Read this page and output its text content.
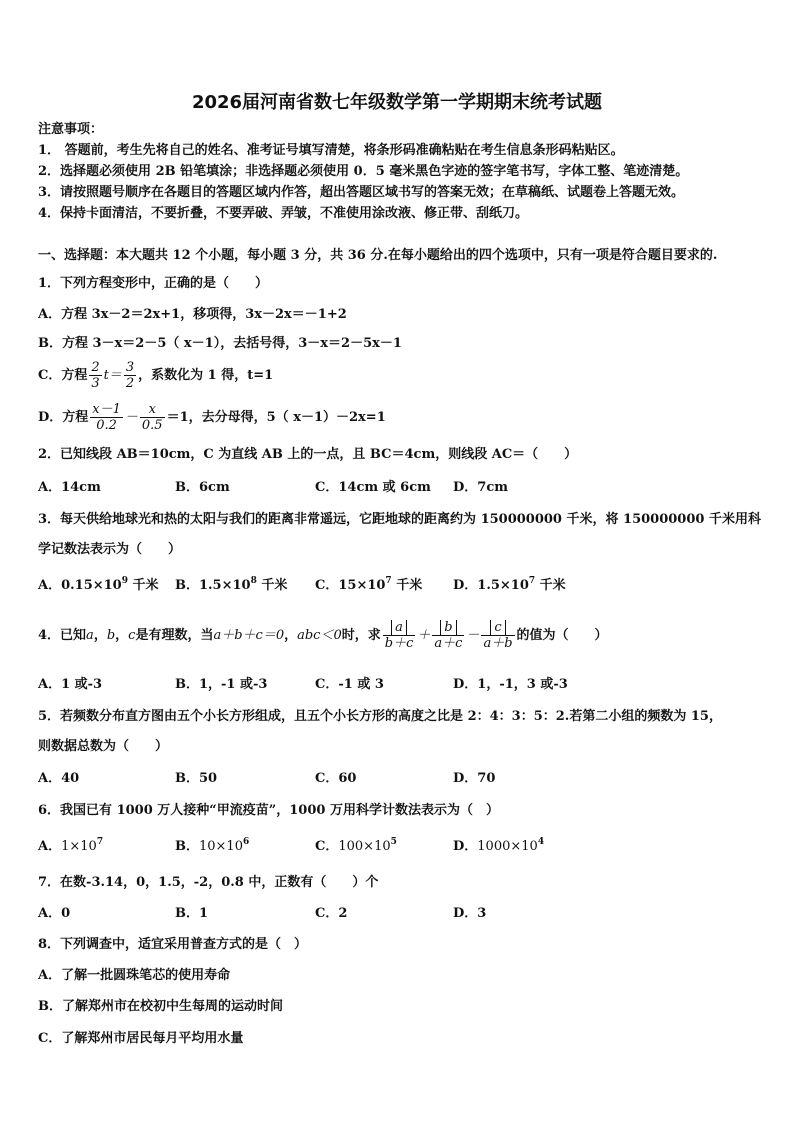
2026届河南省数七年级数学第一学期期末统考试题
注意事项：
1． 答题前，考生先将自己的姓名、准考证号填写清楚，将条形码准确粘贴在考生信息条形码粘贴区。
2．选择题必须使用 2B 铅笔填涂；非选择题必须使用 0．5 毫米黑色字迹的签字笔书写，字体工整、笔迹清楚。
3．请按照题号顺序在各题目的答题区域内作答，超出答题区域书写的答案无效；在草稿纸、试题卷上答题无效。
4．保持卡面清洁，不要折叠，不要弄破、弄皱，不准使用涂改液、修正带、刮纸刀。
一、选择题：本大题共 12 个小题，每小题 3 分，共 36 分.在每小题给出的四个选项中，只有一项是符合题目要求的.
1．下列方程变形中，正确的是（　　）
A．方程 3x－2＝2x+1，移项得，3x－2x＝－1+2
B．方程 3－x＝2－5（ x－1），去括号得，3－x＝2－5x－1
C．方程 $\frac{2}{3} t= \frac{3}{2}$ ，系数化为 1 得，t=1
D．方程 $\frac{x-1}{0.2} - \frac{x}{0.5} =1$，去分母得，5（ x－1）－2x=1
2．已知线段 AB＝10cm，C 为直线 AB 上的一点，且 BC＝4cm，则线段 AC＝（　　）
A．14cm	B．6cm	C．14cm 或 6cm D．7cm
3．每天供给地球光和热的太阳与我们的距离非常遥远，它距地球的距离约为 150000000 千米，将 150000000 千米用科
学记数法表示为（　　）
A．$0.15\times 10^9$ 千米 B．$1.5\times 10^8$ 千米 C．$15\times 10^7$ 千米 D．$1.5\times 10^7$ 千米
4．已知a，b，c是有理数，当a＋b＋c＝0，abc＜0时，求 $\frac{a}{b+c} + \frac{b}{a+c} - \frac{c}{a+b}$ 的值为（　　）
A．1 或-3	B．1，-1 或-3	C．-1 或 3	D．1，-1，3 或-3
5．若频数分布直方图由五个小长方形组成，且五个小长方形的高度之比是 2：4：3：5：2.若第二小组的频数为 15，
则数据总数为（　　）
A．40	B．50	C．60	D．70
6．我国已有 1000 万人接种“甲流疫苗”，1000 万用科学计数法表示为（　）
A．$1\times 10^7$	B．$10\times 10^6$	C．$100\times 10^5$	D．$1000\times 10^4$
7．在数-3.14，0，1.5，-2，0.8 中，正数有（　　）个
A．0	B．1	C．2	D．3
8．下列调查中，适宜采用普查方式的是（　）
A．了解一批圆珠笔芯的使用寿命
B．了解郑州市在校初中生每周的运动时间
C．了解郑州市居民每月平均用水量
